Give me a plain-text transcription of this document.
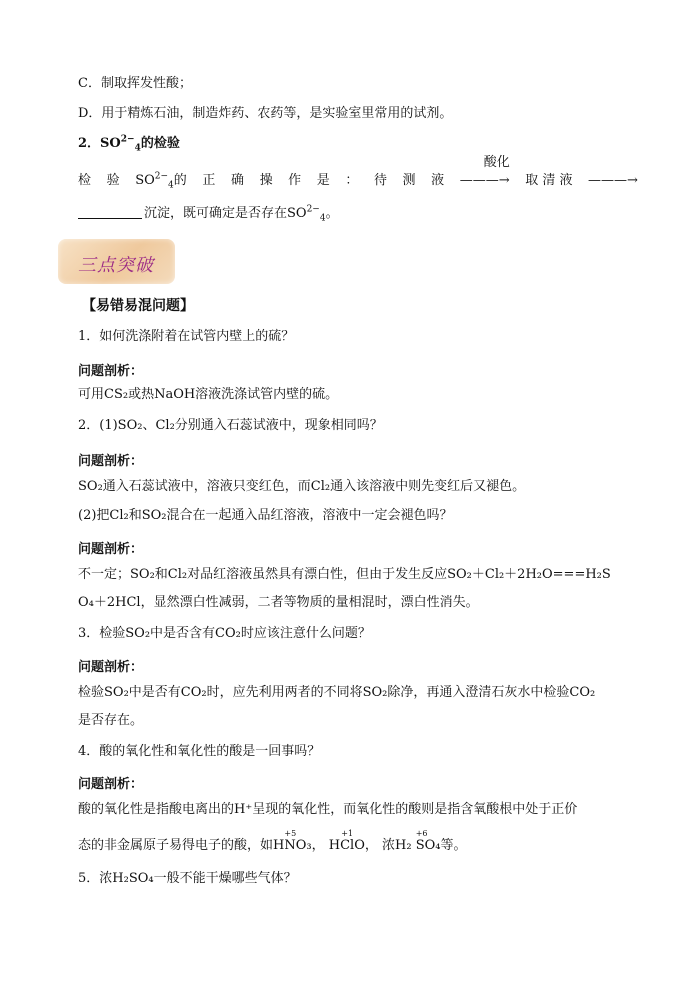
C．制取挥发性酸；
D．用于精炼石油，制造炸药、农药等，是实验室里常用的试剂。
2．$SO^{2-}_4$的检验
检 验 $SO^{2-}_4$的 正 确 操 作 是 ： 待 测 液
酸化
———→ 取 清 液 ———→
沉淀，既可确定是否存在$SO^{2-}_4$。
三点突破
【易错易混问题】
1．如何洗涤附着在试管内壁上的硫？
问题剖析：
可用CS₂或热NaOH溶液洗涤试管内壁的硫。
2．(1)SO₂、Cl₂分别通入石蕊试液中，现象相同吗？
问题剖析：
SO₂通入石蕊试液中，溶液只变红色，而Cl₂通入该溶液中则先变红后又褪色。
(2)把Cl₂和SO₂混合在一起通入品红溶液，溶液中一定会褪色吗？
问题剖析：
不一定；SO₂和Cl₂对品红溶液虽然具有漂白性，但由于发生反应SO₂＋Cl₂＋2H₂O===H₂S
O₄＋2HCl，显然漂白性减弱，二者等物质的量相混时，漂白性消失。
3．检验SO₂中是否含有CO₂时应该注意什么问题？
问题剖析：
检验SO₂中是否有CO₂时，应先利用两者的不同将SO₂除净，再通入澄清石灰水中检验CO₂
是否存在。
4．酸的氧化性和氧化性的酸是一回事吗？
问题剖析：
酸的氧化性是指酸电离出的H⁺呈现的氧化性，而氧化性的酸则是指含氧酸根中处于正价
态的非金属原子易得电子的酸，如H
+5
NO₃， H
+1
ClO， 浓H₂
+6
SO₄等。
5．浓H₂SO₄一般不能干燥哪些气体？
